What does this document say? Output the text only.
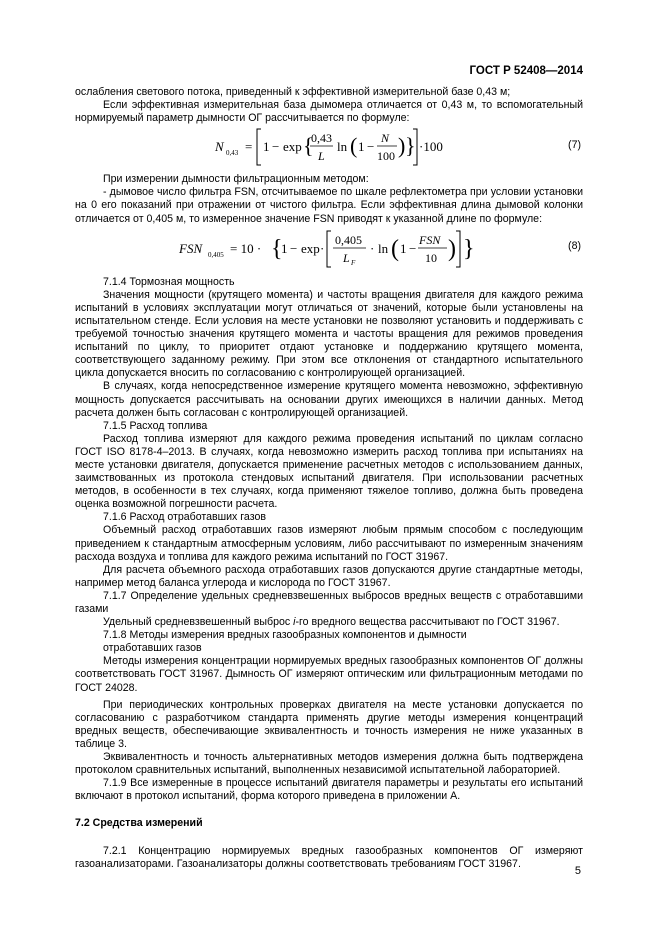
ГОСТ Р 52408—2014

ослабления светового потока, приведенный к эффективной измерительной базе 0,43 м;

Если эффективная измерительная база дымомера отличается от 0,43 м, то вспомогательный нормируемый параметр дымности ОГ рассчитывается по формуле:

N 0,43 = 1 − exp {
0,43
L
ln ( 1 −
N
100 ) } ·100	(7)

При измерении дымности фильтрационным методом:

- дымовое число фильтра FSN, отсчитываемое по шкале рефлектометра при условии установки на 0 его показаний при отражении от чистого фильтра. Если эффективная длина дымовой колонки отличается от 0,405 м, то измеренное значение FSN приводят к указанной длине по формуле:

FSN 0,405 = 10 · {
1 − exp ·
0,405
L F
· ln ( 1 −
FSN
10 ) }	(8)

7.1.4 Тормозная мощность

Значения мощности (крутящего момента) и частоты вращения двигателя для каждого режима испытаний в условиях эксплуатации могут отличаться от значений, которые были установлены на испытательном стенде. Если условия на месте установки не позволяют установить и поддерживать с требуемой точностью значения крутящего момента и частоты вращения для режимов проведения испытаний по циклу, то приоритет отдают установке и поддержанию крутящего момента, соответствующего заданному режиму. При этом все отклонения от стандартного испытательного цикла допускается вносить по согласованию с контролирующей организацией.

В случаях, когда непосредственное измерение крутящего момента невозможно, эффективную мощность допускается рассчитывать на основании других имеющихся в наличии данных. Метод расчета должен быть согласован с контролирующей организацией.

7.1.5 Расход топлива

Расход топлива измеряют для каждого режима проведения испытаний по циклам согласно ГОСТ ISO 8178-4–2013. В случаях, когда невозможно измерить расход топлива при испытаниях на месте установки двигателя, допускается применение расчетных методов с использованием данных, заимствованных из протокола стендовых испытаний двигателя. При использовании расчетных методов, в особенности в тех случаях, когда применяют тяжелое топливо, должна быть проведена оценка возможной погрешности расчета.

7.1.6 Расход отработавших газов

Объемный расход отработавших газов измеряют любым прямым способом с последующим приведением к стандартным атмосферным условиям, либо рассчитывают по измеренным значениям расхода воздуха и топлива для каждого режима испытаний по ГОСТ 31967.

Для расчета объемного расхода отработавших газов допускаются другие стандартные методы, например метод баланса углерода и кислорода по ГОСТ 31967.

7.1.7 Определение удельных средневзвешенных выбросов вредных веществ с отработавшими газами

Удельный средневзвешенный выброс i-го вредного вещества рассчитывают по ГОСТ 31967.

7.1.8 Методы измерения вредных газообразных компонентов и дымности

отработавших газов

Методы измерения концентрации нормируемых вредных газообразных компонентов ОГ должны соответствовать ГОСТ 31967. Дымность ОГ измеряют оптическим или фильтрационным методами по ГОСТ 24028.

При периодических контрольных проверках двигателя на месте установки допускается по согласованию с разработчиком стандарта применять другие методы измерения концентраций вредных веществ, обеспечивающие эквивалентность и точность измерения не ниже указанных в таблице 3.

Эквивалентность и точность альтернативных методов измерения должна быть подтверждена протоколом сравнительных испытаний, выполненных независимой испытательной лабораторией.

7.1.9 Все измеренные в процессе испытаний двигателя параметры и результаты его испытаний включают в протокол испытаний, форма которого приведена в приложении А.

7.2 Средства измерений

7.2.1 Концентрацию нормируемых вредных газообразных компонентов ОГ измеряют газоанализаторами. Газоанализаторы должны соответствовать требованиям ГОСТ 31967.

5
